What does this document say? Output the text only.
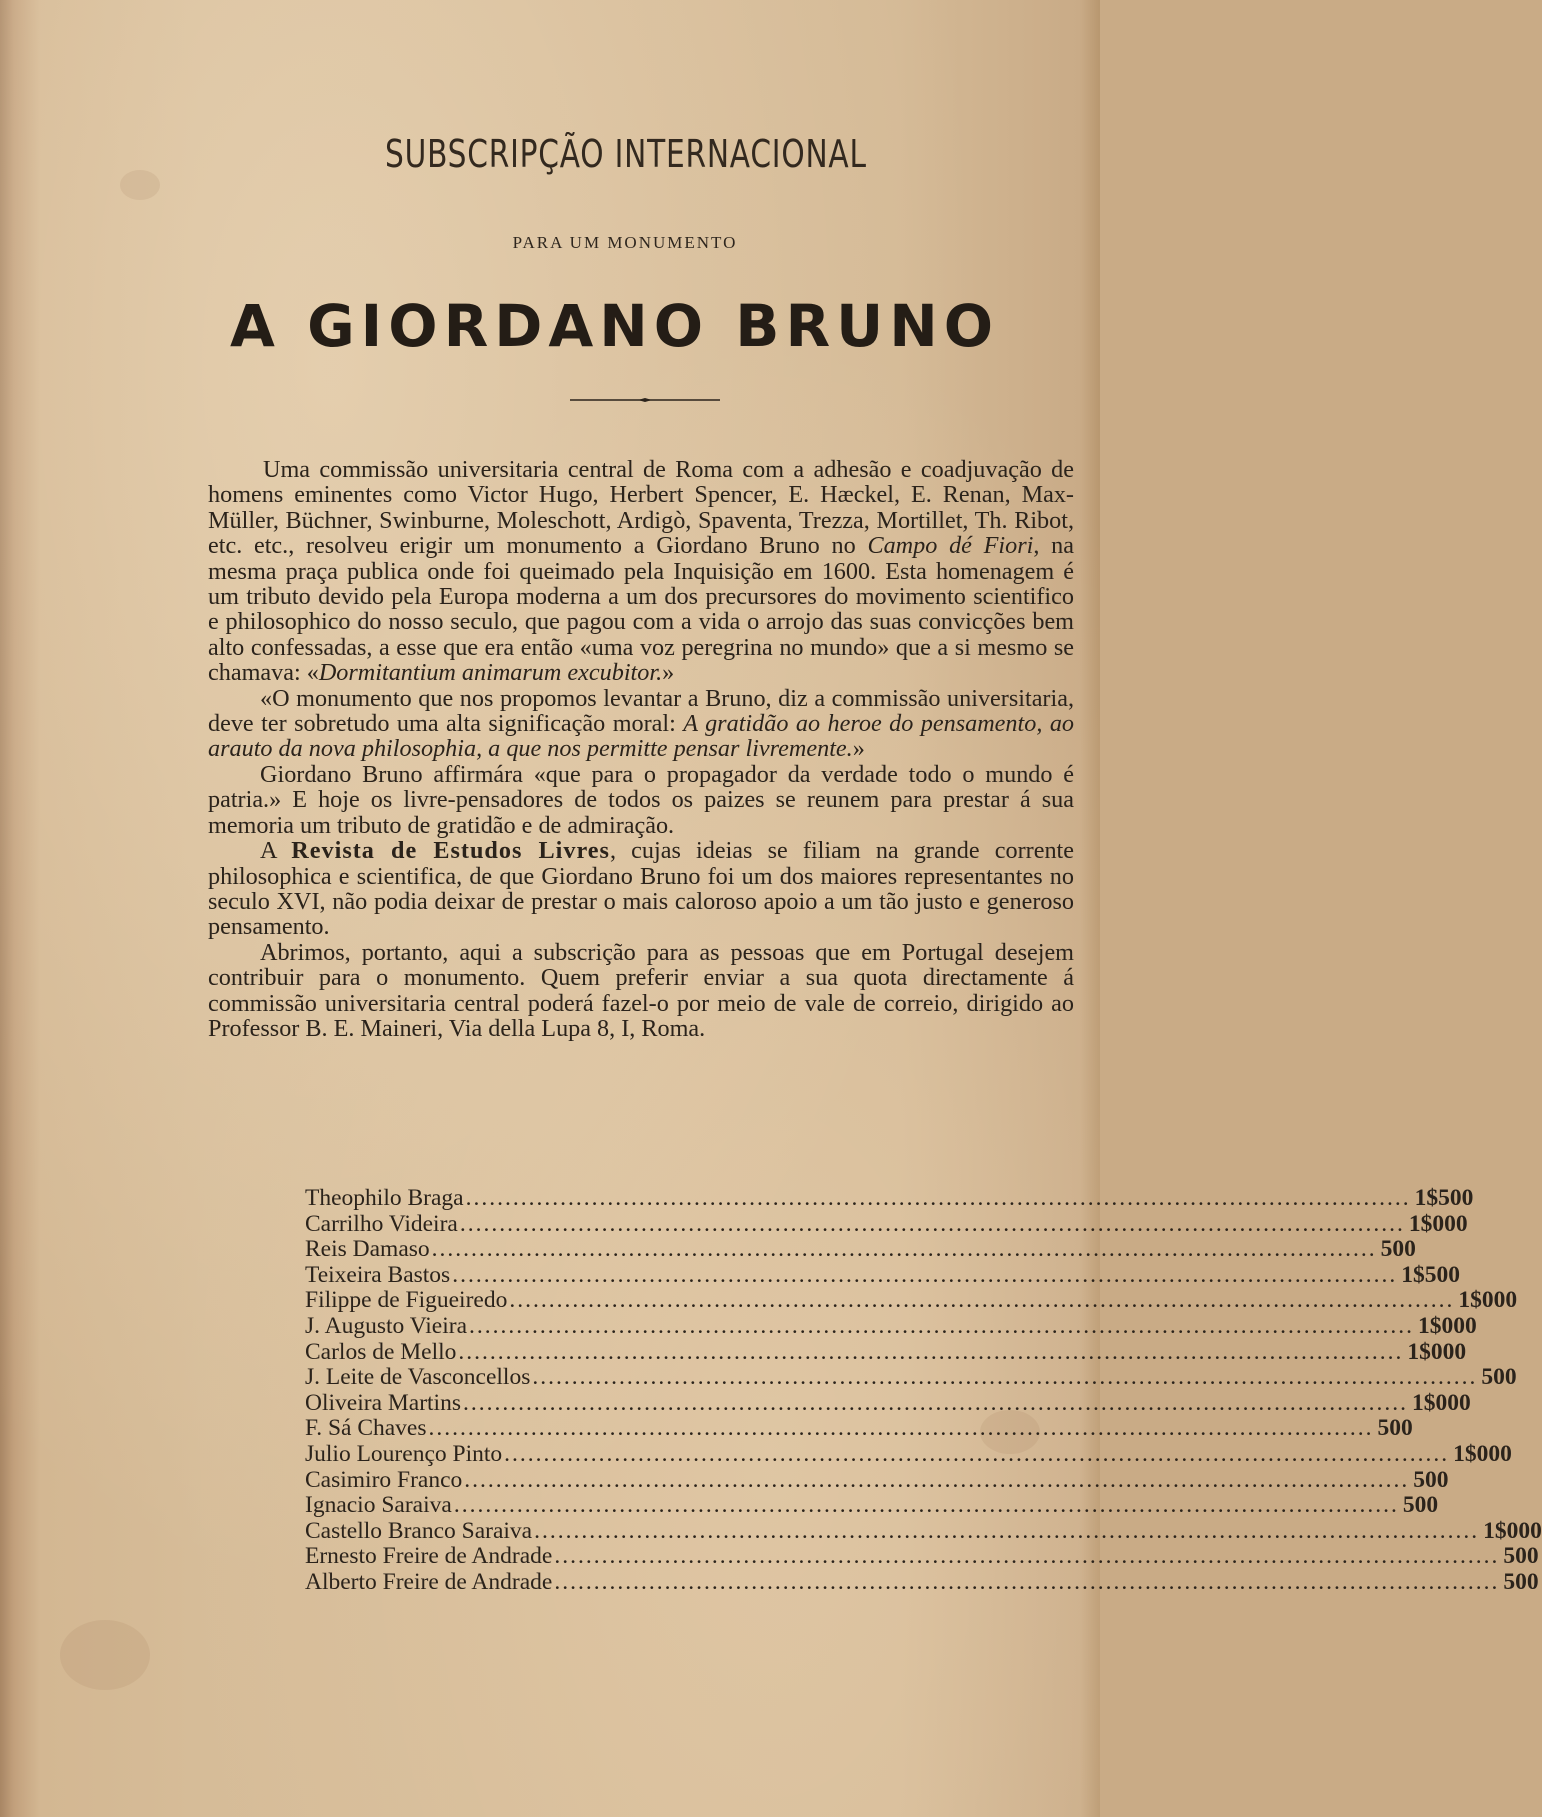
SUBSCRIPÇÃO INTERNACIONAL
PARA UM MONUMENTO
A GIORDANO BRUNO

Uma commissão universitaria central de Roma com a adhesão e coadjuvação de homens eminentes como Victor Hugo, Herbert Spencer, E. Hæckel, E. Renan, Max-Müller, Büchner, Swinburne, Moleschott, Ardigò, Spaventa, Trezza, Mortillet, Th. Ribot, etc. etc., resolveu erigir um monumento a Giordano Bruno no Campo dé Fiori, na mesma praça publica onde foi queimado pela Inquisição em 1600. Esta homenagem é um tributo devido pela Europa moderna a um dos precursores do movimento scientifico e philosophico do nosso seculo, que pagou com a vida o arrojo das suas convicções bem alto confessadas, a esse que era então «uma voz peregrina no mundo» que a si mesmo se chamava: «Dormitantium animarum excubitor.»

«O monumento que nos propomos levantar a Bruno, diz a commissão universitaria, deve ter sobretudo uma alta significação moral: A gratidão ao heroe do pensamento, ao arauto da nova philosophia, a que nos permitte pensar livremente.»

Giordano Bruno affirmára «que para o propagador da verdade todo o mundo é patria.» E hoje os livre-pensadores de todos os paizes se reunem para prestar á sua memoria um tributo de gratidão e de admiração.

A Revista de Estudos Livres, cujas ideias se filiam na grande corrente philosophica e scientifica, de que Giordano Bruno foi um dos maiores representantes no seculo XVI, não podia deixar de prestar o mais caloroso apoio a um tão justo e generoso pensamento.

Abrimos, portanto, aqui a subscrição para as pessoas que em Portugal desejem contribuir para o monumento. Quem preferir enviar a sua quota directamente á commissão universitaria central poderá fazel-o por meio de vale de correio, dirigido ao Professor B. E. Maineri, Via della Lupa 8, I, Roma.

Theophilo Braga ........................................................................................................................ 1$500
Carrilho Videira ........................................................................................................................ 1$000
Reis Damaso ........................................................................................................................ 500
Teixeira Bastos ........................................................................................................................ 1$500
Filippe de Figueiredo ........................................................................................................................ 1$000
J. Augusto Vieira ........................................................................................................................ 1$000
Carlos de Mello ........................................................................................................................ 1$000
J. Leite de Vasconcellos ........................................................................................................................ 500
Oliveira Martins ........................................................................................................................ 1$000
F. Sá Chaves ........................................................................................................................ 500
Julio Lourenço Pinto ........................................................................................................................ 1$000
Casimiro Franco ........................................................................................................................ 500
Ignacio Saraiva ........................................................................................................................ 500
Castello Branco Saraiva ........................................................................................................................ 1$000
Ernesto Freire de Andrade ........................................................................................................................ 500
Alberto Freire de Andrade ........................................................................................................................ 500
